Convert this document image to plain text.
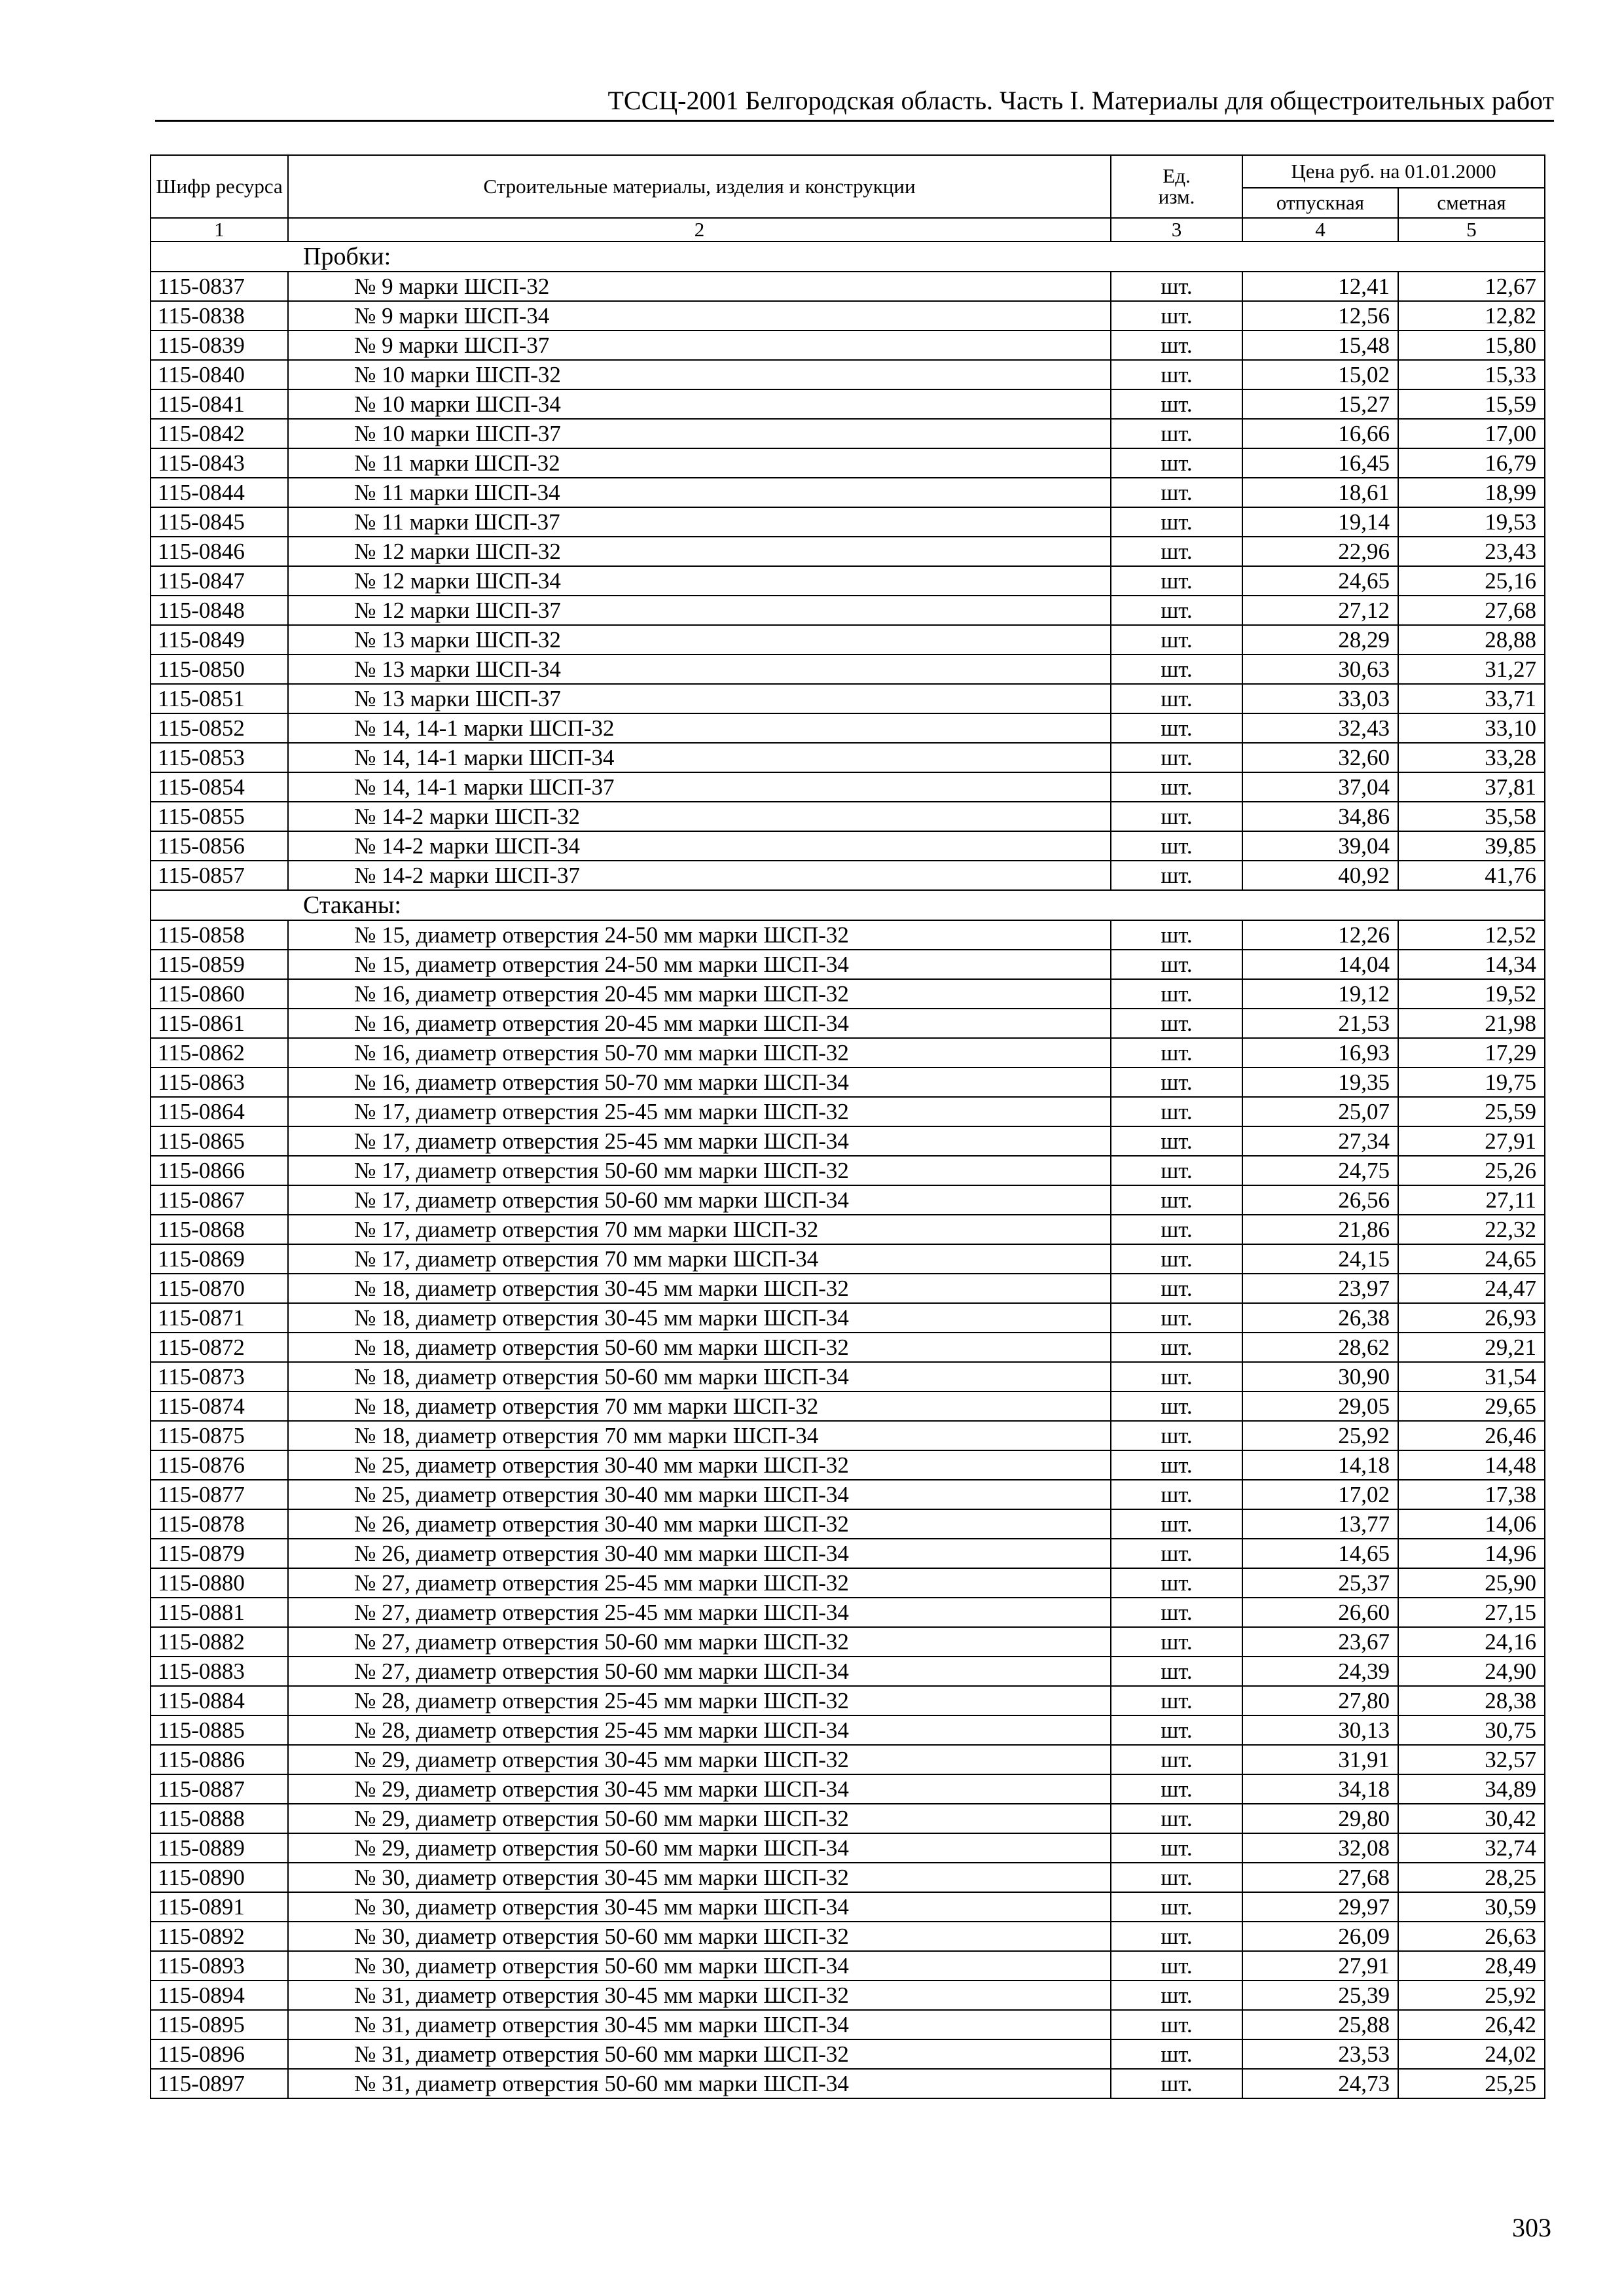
ТССЦ-2001 Белгородская область. Часть I. Материалы для общестроительных работ
Шифр ресурса	Строительные материалы, изделия и конструкции	Ед. изм.	Цена руб. на 01.01.2000	
			отпускная	сметная
1	2	3	4	5
Пробки:				
115-0837	№ 9 марки ШСП-32	шт.	12,41	12,67
115-0838	№ 9 марки ШСП-34	шт.	12,56	12,82
115-0839	№ 9 марки ШСП-37	шт.	15,48	15,80
115-0840	№ 10 марки ШСП-32	шт.	15,02	15,33
115-0841	№ 10 марки ШСП-34	шт.	15,27	15,59
115-0842	№ 10 марки ШСП-37	шт.	16,66	17,00
115-0843	№ 11 марки ШСП-32	шт.	16,45	16,79
115-0844	№ 11 марки ШСП-34	шт.	18,61	18,99
115-0845	№ 11 марки ШСП-37	шт.	19,14	19,53
115-0846	№ 12 марки ШСП-32	шт.	22,96	23,43
115-0847	№ 12 марки ШСП-34	шт.	24,65	25,16
115-0848	№ 12 марки ШСП-37	шт.	27,12	27,68
115-0849	№ 13 марки ШСП-32	шт.	28,29	28,88
115-0850	№ 13 марки ШСП-34	шт.	30,63	31,27
115-0851	№ 13 марки ШСП-37	шт.	33,03	33,71
115-0852	№ 14, 14-1 марки ШСП-32	шт.	32,43	33,10
115-0853	№ 14, 14-1 марки ШСП-34	шт.	32,60	33,28
115-0854	№ 14, 14-1 марки ШСП-37	шт.	37,04	37,81
115-0855	№ 14-2 марки ШСП-32	шт.	34,86	35,58
115-0856	№ 14-2 марки ШСП-34	шт.	39,04	39,85
115-0857	№ 14-2 марки ШСП-37	шт.	40,92	41,76
Стаканы:				
115-0858	№ 15, диаметр отверстия 24-50 мм марки ШСП-32	шт.	12,26	12,52
115-0859	№ 15, диаметр отверстия 24-50 мм марки ШСП-34	шт.	14,04	14,34
115-0860	№ 16, диаметр отверстия 20-45 мм марки ШСП-32	шт.	19,12	19,52
115-0861	№ 16, диаметр отверстия 20-45 мм марки ШСП-34	шт.	21,53	21,98
115-0862	№ 16, диаметр отверстия 50-70 мм марки ШСП-32	шт.	16,93	17,29
115-0863	№ 16, диаметр отверстия 50-70 мм марки ШСП-34	шт.	19,35	19,75
115-0864	№ 17, диаметр отверстия 25-45 мм марки ШСП-32	шт.	25,07	25,59
115-0865	№ 17, диаметр отверстия 25-45 мм марки ШСП-34	шт.	27,34	27,91
115-0866	№ 17, диаметр отверстия 50-60 мм марки ШСП-32	шт.	24,75	25,26
115-0867	№ 17, диаметр отверстия 50-60 мм марки ШСП-34	шт.	26,56	27,11
115-0868	№ 17, диаметр отверстия 70 мм марки ШСП-32	шт.	21,86	22,32
115-0869	№ 17, диаметр отверстия 70 мм марки ШСП-34	шт.	24,15	24,65
115-0870	№ 18, диаметр отверстия 30-45 мм марки ШСП-32	шт.	23,97	24,47
115-0871	№ 18, диаметр отверстия 30-45 мм марки ШСП-34	шт.	26,38	26,93
115-0872	№ 18, диаметр отверстия 50-60 мм марки ШСП-32	шт.	28,62	29,21
115-0873	№ 18, диаметр отверстия 50-60 мм марки ШСП-34	шт.	30,90	31,54
115-0874	№ 18, диаметр отверстия 70 мм марки ШСП-32	шт.	29,05	29,65
115-0875	№ 18, диаметр отверстия 70 мм марки ШСП-34	шт.	25,92	26,46
115-0876	№ 25, диаметр отверстия 30-40 мм марки ШСП-32	шт.	14,18	14,48
115-0877	№ 25, диаметр отверстия 30-40 мм марки ШСП-34	шт.	17,02	17,38
115-0878	№ 26, диаметр отверстия 30-40 мм марки ШСП-32	шт.	13,77	14,06
115-0879	№ 26, диаметр отверстия 30-40 мм марки ШСП-34	шт.	14,65	14,96
115-0880	№ 27, диаметр отверстия 25-45 мм марки ШСП-32	шт.	25,37	25,90
115-0881	№ 27, диаметр отверстия 25-45 мм марки ШСП-34	шт.	26,60	27,15
115-0882	№ 27, диаметр отверстия 50-60 мм марки ШСП-32	шт.	23,67	24,16
115-0883	№ 27, диаметр отверстия 50-60 мм марки ШСП-34	шт.	24,39	24,90
115-0884	№ 28, диаметр отверстия 25-45 мм марки ШСП-32	шт.	27,80	28,38
115-0885	№ 28, диаметр отверстия 25-45 мм марки ШСП-34	шт.	30,13	30,75
115-0886	№ 29, диаметр отверстия 30-45 мм марки ШСП-32	шт.	31,91	32,57
115-0887	№ 29, диаметр отверстия 30-45 мм марки ШСП-34	шт.	34,18	34,89
115-0888	№ 29, диаметр отверстия 50-60 мм марки ШСП-32	шт.	29,80	30,42
115-0889	№ 29, диаметр отверстия 50-60 мм марки ШСП-34	шт.	32,08	32,74
115-0890	№ 30, диаметр отверстия 30-45 мм марки ШСП-32	шт.	27,68	28,25
115-0891	№ 30, диаметр отверстия 30-45 мм марки ШСП-34	шт.	29,97	30,59
115-0892	№ 30, диаметр отверстия 50-60 мм марки ШСП-32	шт.	26,09	26,63
115-0893	№ 30, диаметр отверстия 50-60 мм марки ШСП-34	шт.	27,91	28,49
115-0894	№ 31, диаметр отверстия 30-45 мм марки ШСП-32	шт.	25,39	25,92
115-0895	№ 31, диаметр отверстия 30-45 мм марки ШСП-34	шт.	25,88	26,42
115-0896	№ 31, диаметр отверстия 50-60 мм марки ШСП-32	шт.	23,53	24,02
115-0897	№ 31, диаметр отверстия 50-60 мм марки ШСП-34	шт.	24,73	25,25
303
